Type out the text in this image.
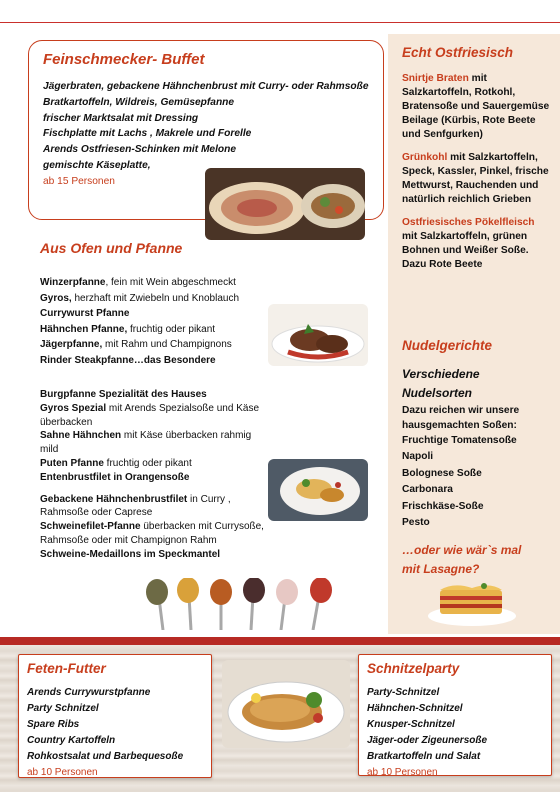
Feinschmecker- Buffet
Jägerbraten, gebackene Hähnchenbrust mit Curry- oder Rahmsoße
Bratkartoffeln, Wildreis, Gemüsepfanne
frischer Marktsalat mit Dressing
Fischplatte mit Lachs , Makrele und Forelle
Arends Ostfriesen-Schinken mit Melone
gemischte Käseplatte,
ab 15 Personen
Aus Ofen und Pfanne
Winzerpfanne, fein mit Wein abgeschmeckt
Gyros, herzhaft mit Zwiebeln und Knoblauch
Currywurst Pfanne
Hähnchen Pfanne, fruchtig oder pikant
Jägerpfanne, mit Rahm und Champignons
Rinder Steakpfanne…das Besondere
Burgpfanne Spezialität des Hauses
Gyros Spezial mit Arends Spezialsoße und Käse überbacken
Sahne Hähnchen mit Käse überbacken rahmig mild
Puten Pfanne fruchtig oder pikant
Entenbrustfilet in Orangensoße
Gebackene Hähnchenbrustfilet in Curry , Rahmsoße oder Caprese
Schweinefilet-Pfanne überbacken mit Currysoße, Rahmsoße oder mit Champignon Rahm
Schweine-Medaillons im Speckmantel
Echt Ostfriesisch
Snirtje Braten mit Salzkartoffeln, Rotkohl, Bratensoße und Sauergemüse Beilage (Kürbis, Rote Beete und Senfgurken)
Grünkohl mit Salzkartoffeln, Speck, Kassler, Pinkel, frische Mettwurst, Rauchenden und natürlich reichlich Grieben
Ostfriesisches Pökelfleisch mit Salzkartoffeln, grünen Bohnen und Weißer Soße. Dazu Rote Beete
Nudelgerichte
Verschiedene Nudelsorten
Dazu reichen wir unsere hausgemachten Soßen:
Fruchtige Tomatensoße
Napoli
Bolognese Soße
Carbonara
Frischkäse-Soße
Pesto
…oder wie wär`s mal mit Lasagne?
Feten-Futter
Arends Currywurstpfanne
Party Schnitzel
Spare Ribs
Country Kartoffeln
Rohkostsalat und Barbequesoße
ab 10 Personen
Schnitzelparty
Party-Schnitzel
Hähnchen-Schnitzel
Knusper-Schnitzel
Jäger-oder Zigeunersoße
Bratkartoffeln und Salat
ab 10 Personen
